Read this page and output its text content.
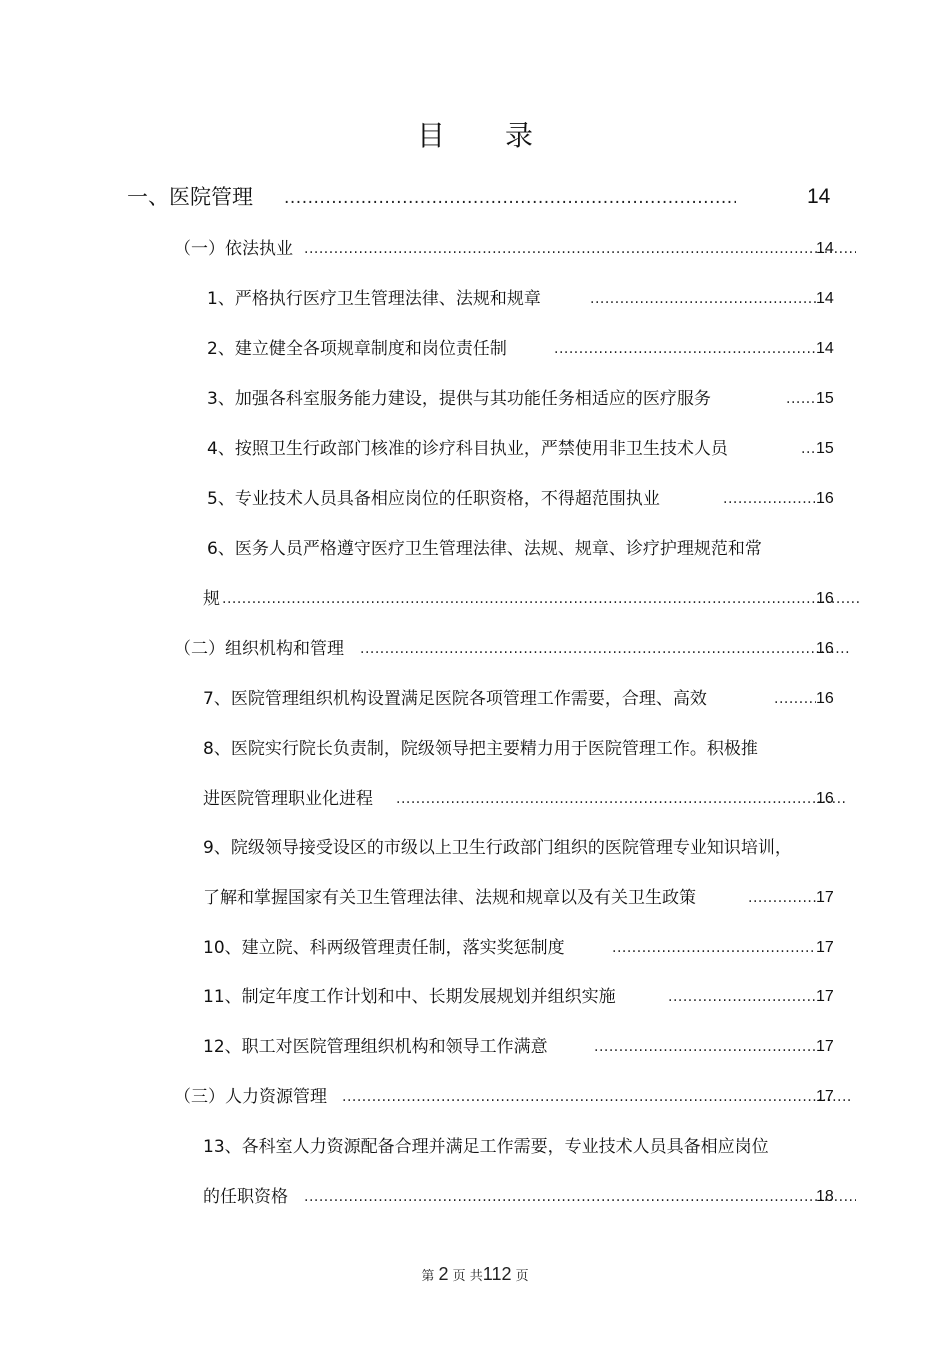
目 录
一、医院管理 .....	14
（一）依法执业 .....	14
1、严格执行医疗卫生管理法律、法规和规章 .....	14
2、建立健全各项规章制度和岗位责任制 .....	14
3、加强各科室服务能力建设，提供与其功能任务相适应的医疗服务 .....	15
4、按照卫生行政部门核准的诊疗科目执业，严禁使用非卫生技术人员 .....	15
5、专业技术人员具备相应岗位的任职资格，不得超范围执业 .....	16
6、医务人员严格遵守医疗卫生管理法律、法规、规章、诊疗护理规范和常
规 .....	16
（二）组织机构和管理 .....	16
7、医院管理组织机构设置满足医院各项管理工作需要，合理、高效 .....	16
8、医院实行院长负责制，院级领导把主要精力用于医院管理工作。积极推
进医院管理职业化进程 .....	16
9、院级领导接受设区的市级以上卫生行政部门组织的医院管理专业知识培训，
了解和掌握国家有关卫生管理法律、法规和规章以及有关卫生政策 .....	17
10、建立院、科两级管理责任制，落实奖惩制度 .....	17
11、制定年度工作计划和中、长期发展规划并组织实施 .....	17
12、职工对医院管理组织机构和领导工作满意 .....	17
（三）人力资源管理 .....	17
13、各科室人力资源配备合理并满足工作需要，专业技术人员具备相应岗位
的任职资格 .....	18
第 2 页 共112 页
